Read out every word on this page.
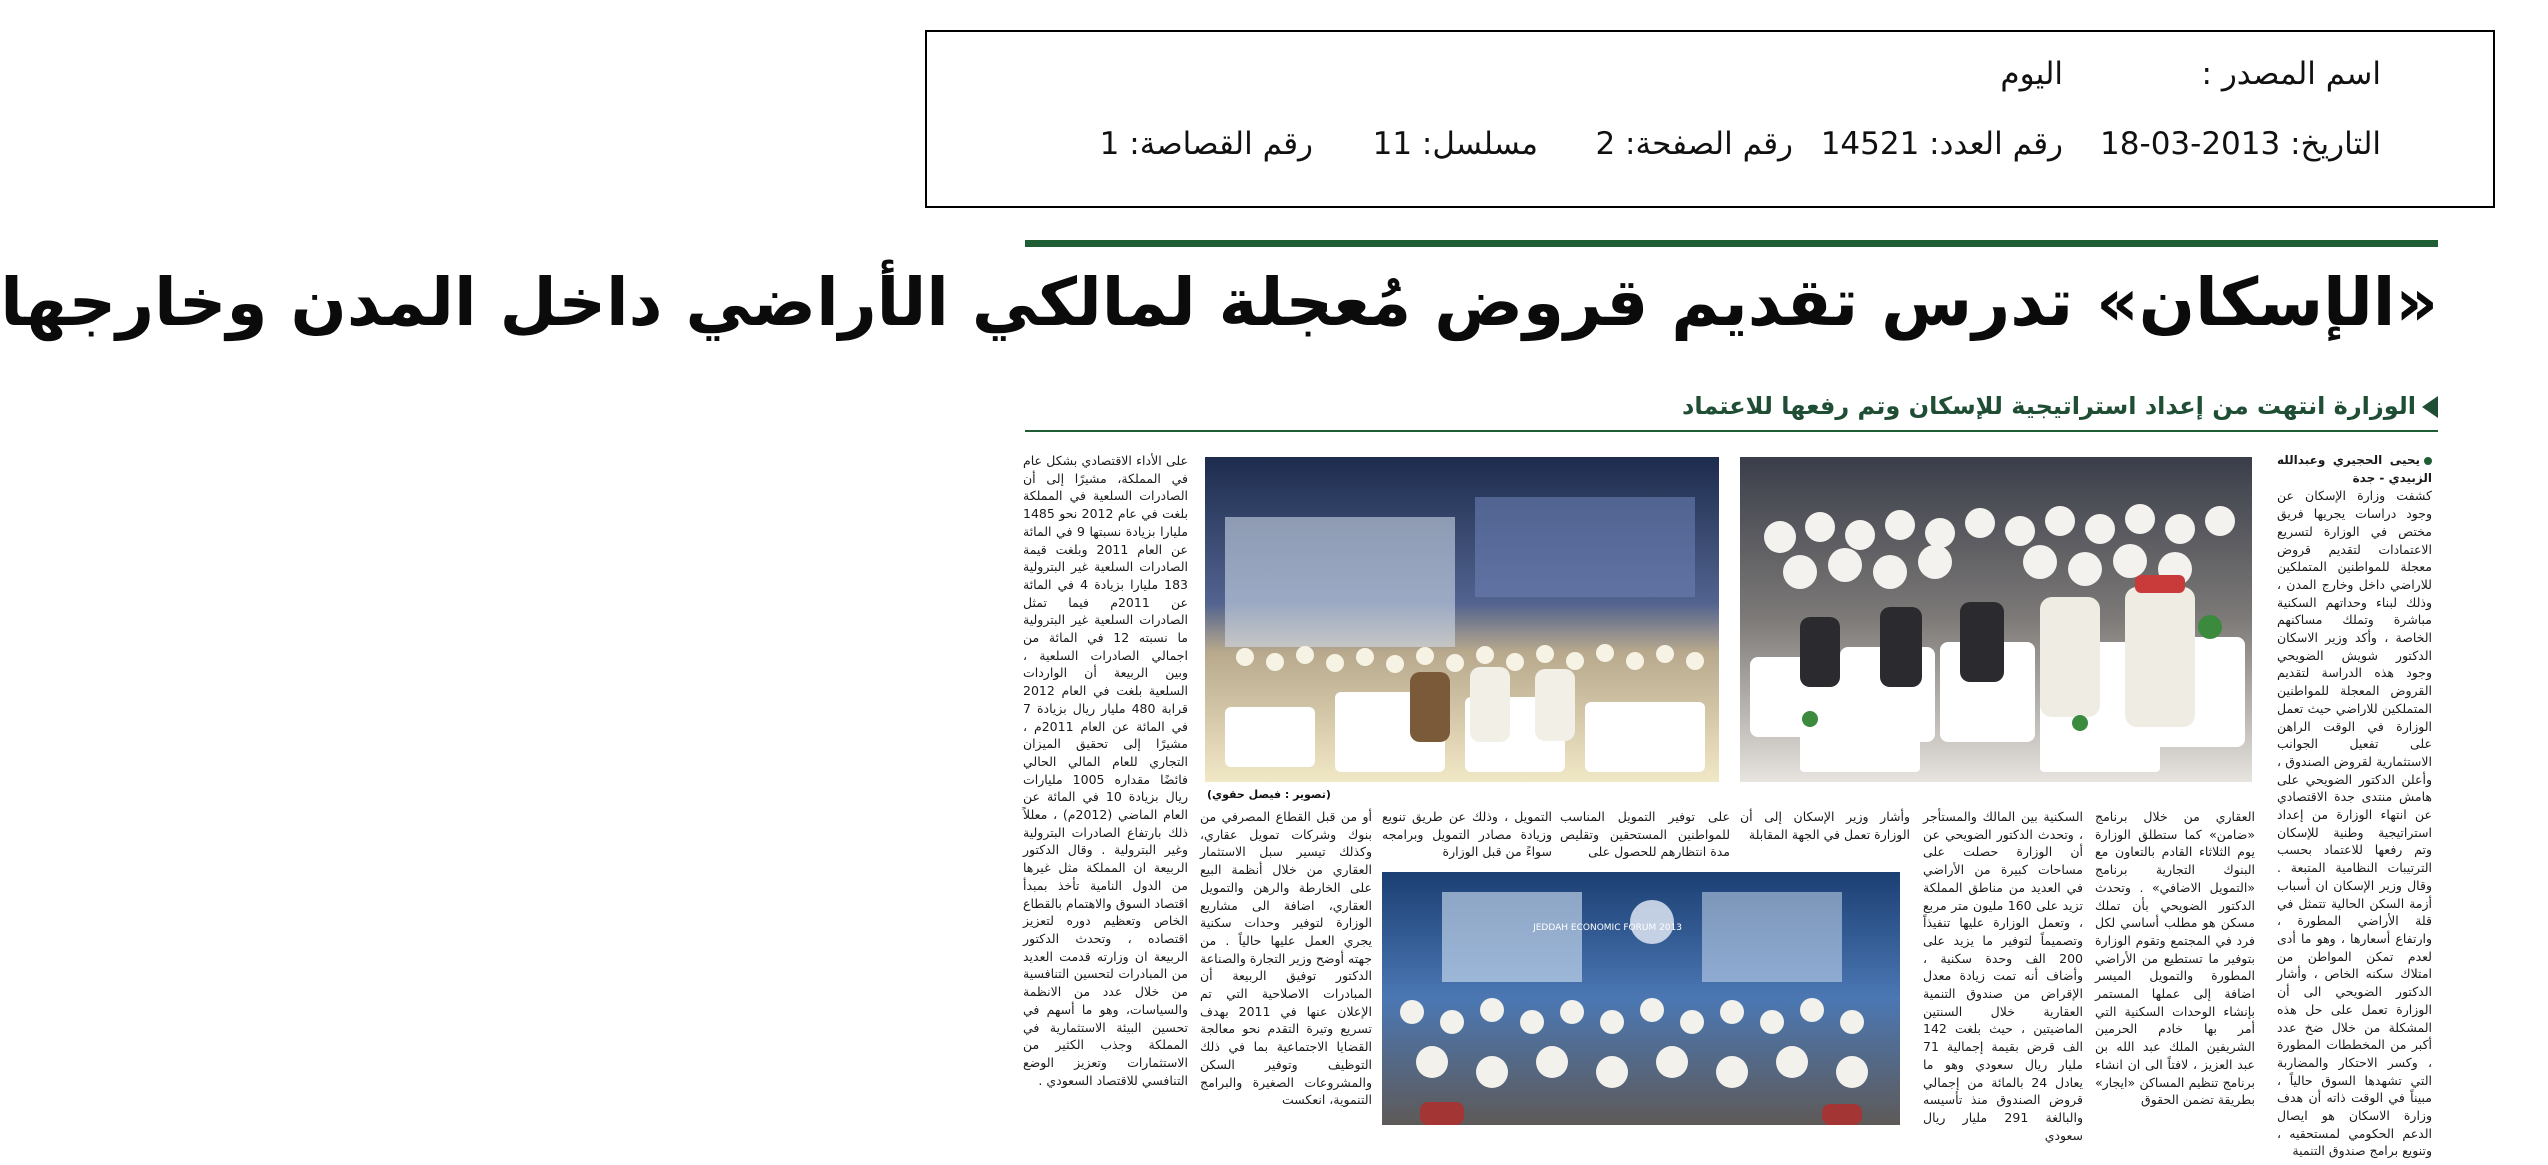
اسم المصدر :
اليوم
التاريخ: 2013-03-18
رقم العدد: 14521
رقم الصفحة: 2
مسلسل: 11
رقم القصاصة: 1
«الإسكان» تدرس تقديم قروض مُعجلة لمالكي الأراضي داخل المدن وخارجها
الوزارة انتهت من إعداد استراتيجية للإسكان وتم رفعها للاعتماد

يحيى الحجيري وعبدالله الزبيدي - جدة

كشفت وزارة الإسكان عن وجود دراسات يجريها فريق مختص في الوزارة لتسريع الاعتمادات لتقديم قروض معجلة للمواطنين المتملكين للاراضي داخل وخارج المدن ، وذلك لبناء وحداتهم السكنية مباشرة وتملك مساكنهم الخاصة ، وأكد وزير الاسكان الدكتور شويش الضويحي وجود هذه الدراسة لتقديم القروض المعجلة للمواطنين المتملكين للاراضي حيث تعمل الوزارة في الوقت الراهن على تفعيل الجوانب الاستثمارية لقروض الصندوق ، وأعلن الدكتور الضويحي على هامش منتدى جدة الاقتصادي عن انتهاء الوزارة من إعداد استراتيجية وطنية للإسكان وتم رفعها للاعتماد بحسب الترتيبات النظامية المتبعة . وقال وزير الإسكان ان أسباب أزمة السكن الحالية تتمثل في قلة الأراضي المطورة ، وارتفاع أسعارها ، وهو ما أدى لعدم تمكن المواطن من امتلاك سكنه الخاص ، وأشار الدكتور الضويحي الى أن الوزارة تعمل على حل هذه المشكلة من خلال ضخ عدد أكبر من المخططات المطورة ، وكسر الاحتكار والمضاربة التي تشهدها السوق حالياً ، مبيناً في الوقت ذاته أن هدف وزارة الاسكان هو ايصال الدعم الحكومي لمستحقيه ، وتنويع برامج صندوق التنمية

(تصوير : فيصل حقوي)

العقاري من خلال برنامج «ضامن» كما ستطلق الوزارة يوم الثلاثاء القادم بالتعاون مع البنوك التجارية برنامج «التمويل الاضافي» . وتحدث الدكتور الضويحي بأن تملك مسكن هو مطلب أساسي لكل فرد في المجتمع وتقوم الوزارة بتوفير ما تستطيع من الأراضي المطورة والتمويل الميسر اضافة إلى عملها المستمر بإنشاء الوحدات السكنية التي أمر بها خادم الحرمين الشريفين الملك عبد الله بن عبد العزيز ، لافتاً الى ان انشاء برنامج تنظيم المساكن «ايجار» بطريقة تضمن الحقوق

السكنية بين المالك والمستأجر ، وتحدث الدكتور الضويحي عن أن الوزارة حصلت على مساحات كبيرة من الأراضي في العديد من مناطق المملكة تزيد على 160 مليون متر مربع ، وتعمل الوزارة عليها تنفيذاً وتصميماً لتوفير ما يزيد على 200 الف وحدة سكنية ، وأضاف أنه تمت زيادة معدل الإقراض من صندوق التنمية العقارية خلال السنتين الماضيتين ، حيث بلغت 142 الف قرض بقيمة إجمالية 71 مليار ريال سعودي وهو ما يعادل 24 بالمائة من إجمالي قروض الصندوق منذ تأسيسه والبالغة 291 مليار ريال سعودي

وأشار وزير الإسكان إلى أن الوزارة تعمل في الجهة المقابلة

على توفير التمويل المناسب للمواطنين المستحقين وتقليص مدة انتظارهم للحصول على

التمويل ، وذلك عن طريق تنويع وزيادة مصادر التمويل وبرامجه سواءً من قبل الوزارة

JEDDAH ECONOMIC FORUM 2013

أو من قبل القطاع المصرفي من بنوك وشركات تمويل عقاري، وكذلك تيسير سبل الاستثمار العقاري من خلال أنظمة البيع على الخارطة والرهن والتمويل العقاري، اضافة الى مشاريع الوزارة لتوفير وحدات سكنية يجري العمل عليها حالياً . من جهته أوضح وزير التجارة والصناعة الدكتور توفيق الربيعة أن المبادرات الاصلاحية التي تم الإعلان عنها في 2011 بهدف تسريع وتيرة التقدم نحو معالجة القضايا الاجتماعية بما في ذلك التوظيف وتوفير السكن والمشروعات الصغيرة والبرامج التنموية، انعكست

على الأداء الاقتصادي بشكل عام في المملكة، مشيرًا إلى أن الصادرات السلعية في المملكة بلغت في عام 2012 نحو 1485 مليارا بزيادة نسبتها 9 في المائة عن العام 2011 وبلغت قيمة الصادرات السلعية غير البترولية 183 مليارا بزيادة 4 في المائة عن 2011م فيما تمثل الصادرات السلعية غير البترولية ما نسبته 12 في المائة من اجمالي الصادرات السلعية ، وبين الربيعة أن الواردات السلعية بلغت في العام 2012 قرابة 480 مليار ريال بزيادة 7 في المائة عن العام 2011م ، مشيرًا إلى تحقيق الميزان التجاري للعام المالي الحالي فائضًا مقداره 1005 مليارات ريال بزيادة 10 في المائة عن العام الماضي (2012م) ، معللاً ذلك بارتفاع الصادرات البترولية وغير البترولية . وقال الدكتور الربيعة ان المملكة مثل غيرها من الدول النامية تأخذ بمبدأ اقتصاد السوق والاهتمام بالقطاع الخاص وتعظيم دوره لتعزيز اقتصاده ، وتحدث الدكتور الربيعة ان وزارته قدمت العديد من المبادرات لتحسين التنافسية من خلال عدد من الانظمة والسياسات، وهو ما أسهم في تحسين البيئة الاستثمارية في المملكة وجذب الكثير من الاستثمارات وتعزيز الوضع التنافسي للاقتصاد السعودي .
